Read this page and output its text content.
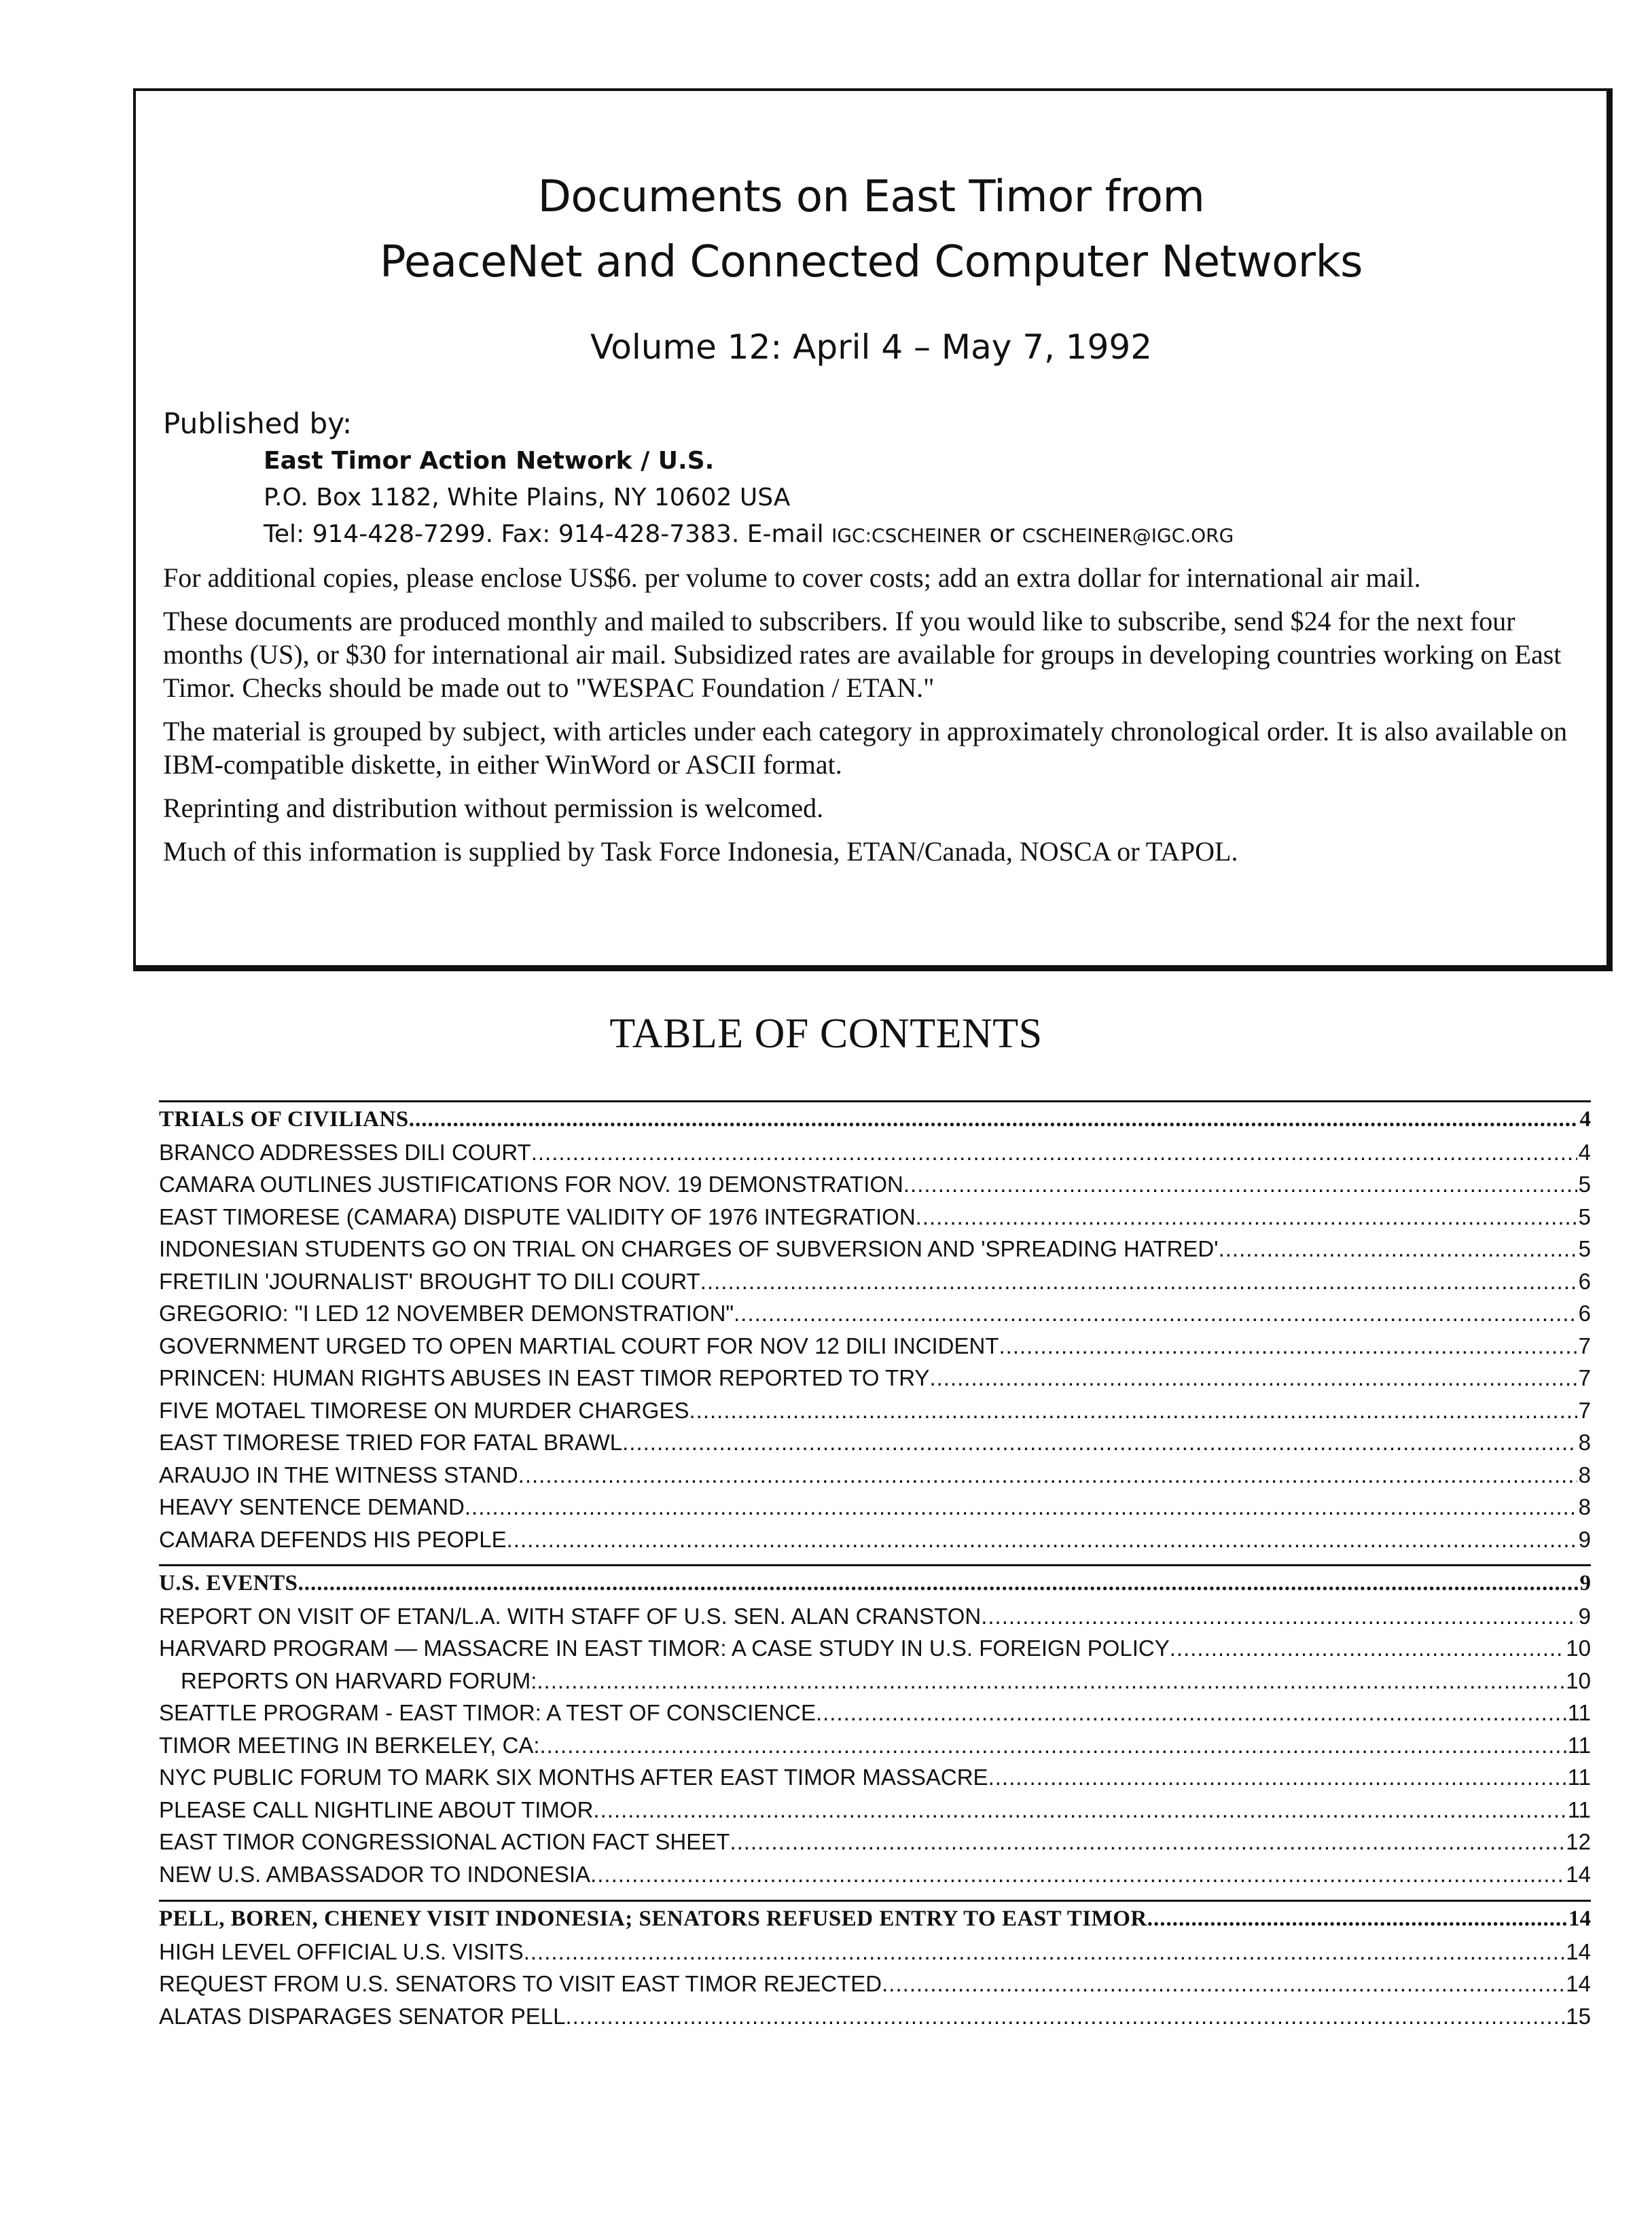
Documents on East Timor from
PeaceNet and Connected Computer Networks
Volume 12: April 4 – May 7, 1992
Published by:
East Timor Action Network / U.S.
P.O. Box 1182, White Plains, NY 10602 USA
Tel: 914-428-7299. Fax: 914-428-7383. E-mail IGC:CSCHEINER or CSCHEINER@IGC.ORG

For additional copies, please enclose US$6. per volume to cover costs; add an extra dollar for international air mail.

These documents are produced monthly and mailed to subscribers. If you would like to subscribe, send $24 for the next four months (US), or $30 for international air mail. Subsidized rates are available for groups in developing countries working on East Timor. Checks should be made out to "WESPAC Foundation / ETAN."

The material is grouped by subject, with articles under each category in approximately chronological order. It is also available on IBM-compatible diskette, in either WinWord or ASCII format.

Reprinting and distribution without permission is welcomed.

Much of this information is supplied by Task Force Indonesia, ETAN/Canada, NOSCA or TAPOL.

TABLE OF CONTENTS
TRIALS OF CIVILIANS .....	4
BRANCO ADDRESSES DILI COURT .....	4
CAMARA OUTLINES JUSTIFICATIONS FOR NOV. 19 DEMONSTRATION .....	5
EAST TIMORESE (CAMARA) DISPUTE VALIDITY OF 1976 INTEGRATION .....	5
INDONESIAN STUDENTS GO ON TRIAL ON CHARGES OF SUBVERSION AND 'SPREADING HATRED' .....	5
FRETILIN 'JOURNALIST' BROUGHT TO DILI COURT .....	6
GREGORIO: "I LED 12 NOVEMBER DEMONSTRATION" .....	6
GOVERNMENT URGED TO OPEN MARTIAL COURT FOR NOV 12 DILI INCIDENT .....	7
PRINCEN: HUMAN RIGHTS ABUSES IN EAST TIMOR REPORTED TO TRY .....	7
FIVE MOTAEL TIMORESE ON MURDER CHARGES .....	7
EAST TIMORESE TRIED FOR FATAL BRAWL .....	8
ARAUJO IN THE WITNESS STAND .....	8
HEAVY SENTENCE DEMAND .....	8
CAMARA DEFENDS HIS PEOPLE .....	9
U.S. EVENTS .....	9
REPORT ON VISIT OF ETAN/L.A. WITH STAFF OF U.S. SEN. ALAN CRANSTON .....	9
HARVARD PROGRAM — MASSACRE IN EAST TIMOR: A CASE STUDY IN U.S. FOREIGN POLICY .....	10
REPORTS ON HARVARD FORUM: .....	10
SEATTLE PROGRAM - EAST TIMOR: A TEST OF CONSCIENCE .....	11
TIMOR MEETING IN BERKELEY, CA: .....	11
NYC PUBLIC FORUM TO MARK SIX MONTHS AFTER EAST TIMOR MASSACRE .....	11
PLEASE CALL NIGHTLINE ABOUT TIMOR .....	11
EAST TIMOR CONGRESSIONAL ACTION FACT SHEET .....	12
NEW U.S. AMBASSADOR TO INDONESIA .....	14
PELL, BOREN, CHENEY VISIT INDONESIA; SENATORS REFUSED ENTRY TO EAST TIMOR .....	14
HIGH LEVEL OFFICIAL U.S. VISITS .....	14
REQUEST FROM U.S. SENATORS TO VISIT EAST TIMOR REJECTED .....	14
ALATAS DISPARAGES SENATOR PELL .....	15
